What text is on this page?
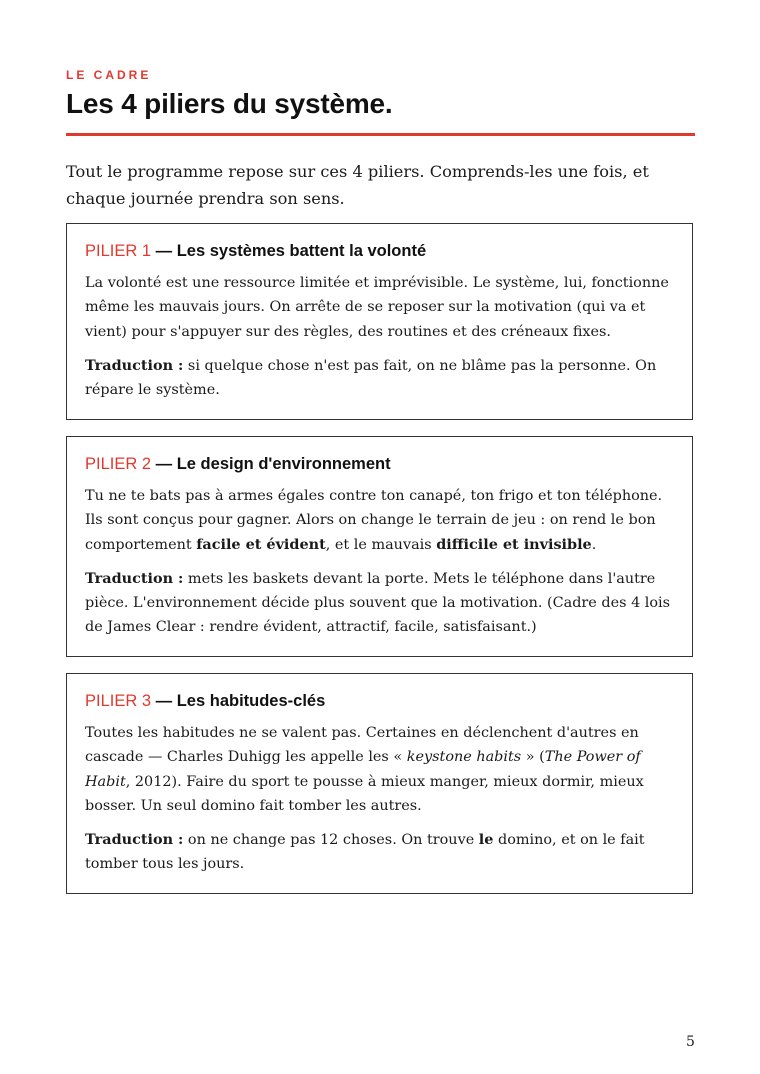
LE CADRE
Les 4 piliers du système.

Tout le programme repose sur ces 4 piliers. Comprends-les une fois, et chaque journée prendra son sens.

PILIER 1 — Les systèmes battent la volonté

La volonté est une ressource limitée et imprévisible. Le système, lui, fonctionne même les mauvais jours. On arrête de se reposer sur la motivation (qui va et vient) pour s'appuyer sur des règles, des routines et des créneaux fixes.

Traduction : si quelque chose n'est pas fait, on ne blâme pas la personne. On répare le système.

PILIER 2 — Le design d'environnement

Tu ne te bats pas à armes égales contre ton canapé, ton frigo et ton téléphone. Ils sont conçus pour gagner. Alors on change le terrain de jeu : on rend le bon comportement facile et évident, et le mauvais difficile et invisible.

Traduction : mets les baskets devant la porte. Mets le téléphone dans l'autre pièce. L'environnement décide plus souvent que la motivation. (Cadre des 4 lois de James Clear : rendre évident, attractif, facile, satisfaisant.)

PILIER 3 — Les habitudes-clés

Toutes les habitudes ne se valent pas. Certaines en déclenchent d'autres en cascade — Charles Duhigg les appelle les « keystone habits » (The Power of Habit, 2012). Faire du sport te pousse à mieux manger, mieux dormir, mieux bosser. Un seul domino fait tomber les autres.

Traduction : on ne change pas 12 choses. On trouve le domino, et on le fait tomber tous les jours.

5
